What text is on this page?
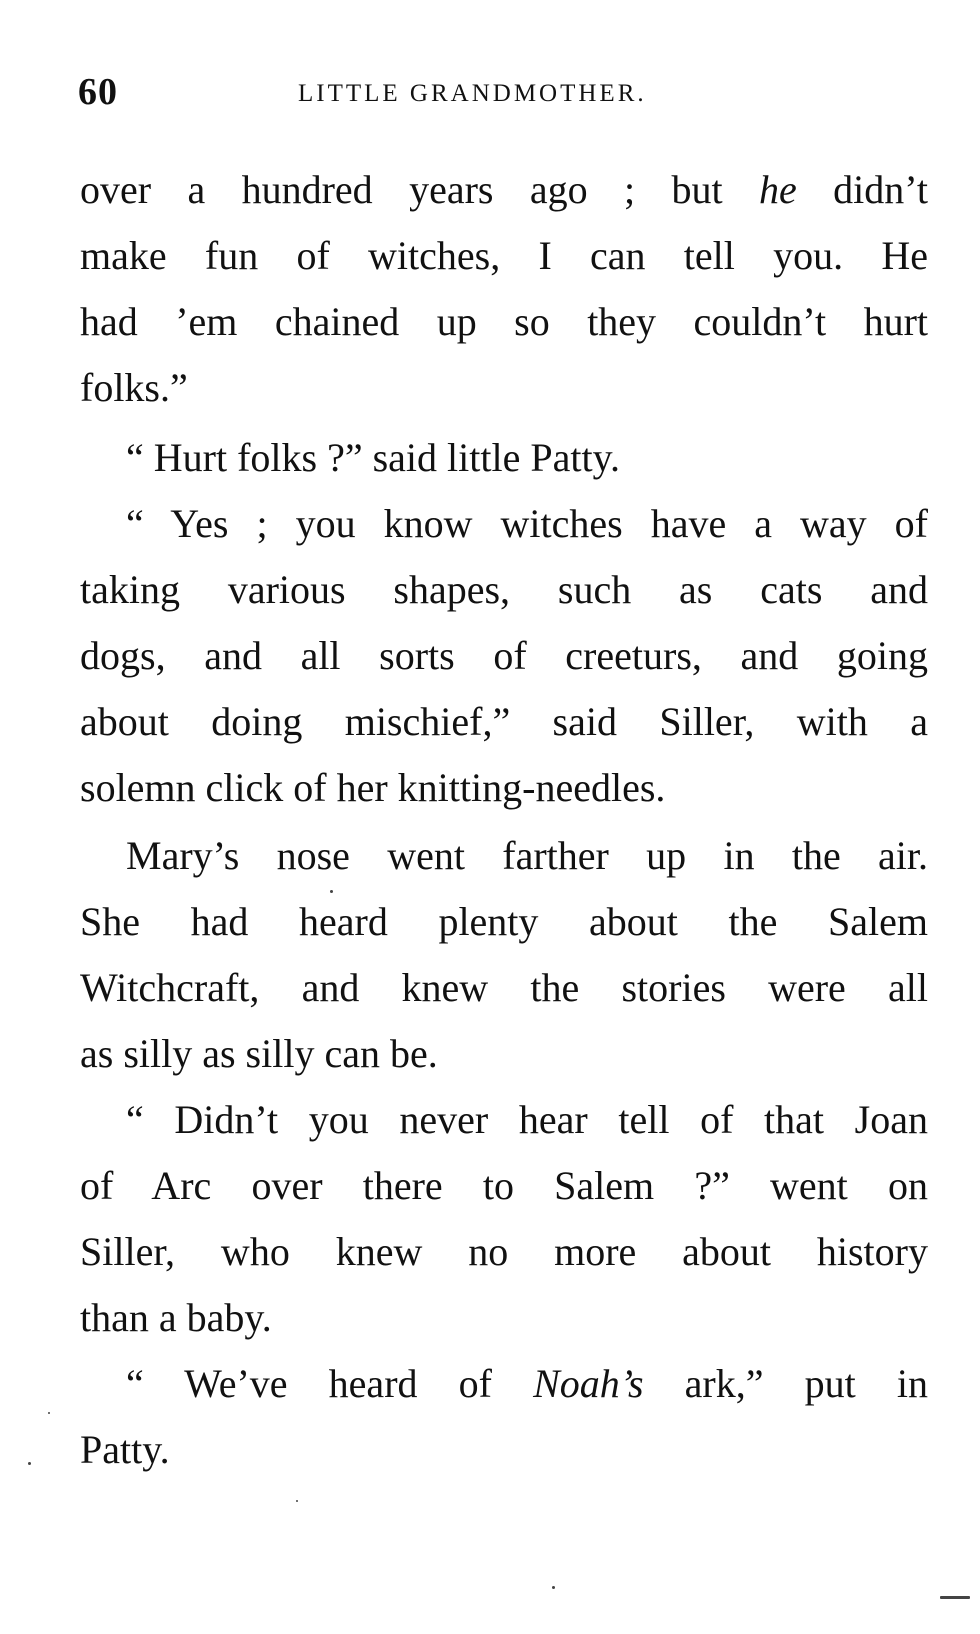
60	LITTLE GRANDMOTHER.
over a hundred years ago ; but he didn’t
make fun of witches, I can tell you. He
had ’em chained up so they couldn’t hurt
folks.”
“ Hurt folks ?” said little Patty.
“ Yes ; you know witches have a way of
taking various shapes, such as cats and
dogs, and all sorts of creeturs, and going
about doing mischief,” said Siller, with a
solemn click of her knitting-needles.
Mary’s nose went farther up in the air.
She had heard plenty about the Salem
Witchcraft, and knew the stories were all
as silly as silly can be.
“ Didn’t you never hear tell of that Joan
of Arc over there to Salem ?” went on
Siller, who knew no more about history
than a baby.
“ We’ve heard of Noah’s ark,” put in
Patty.
